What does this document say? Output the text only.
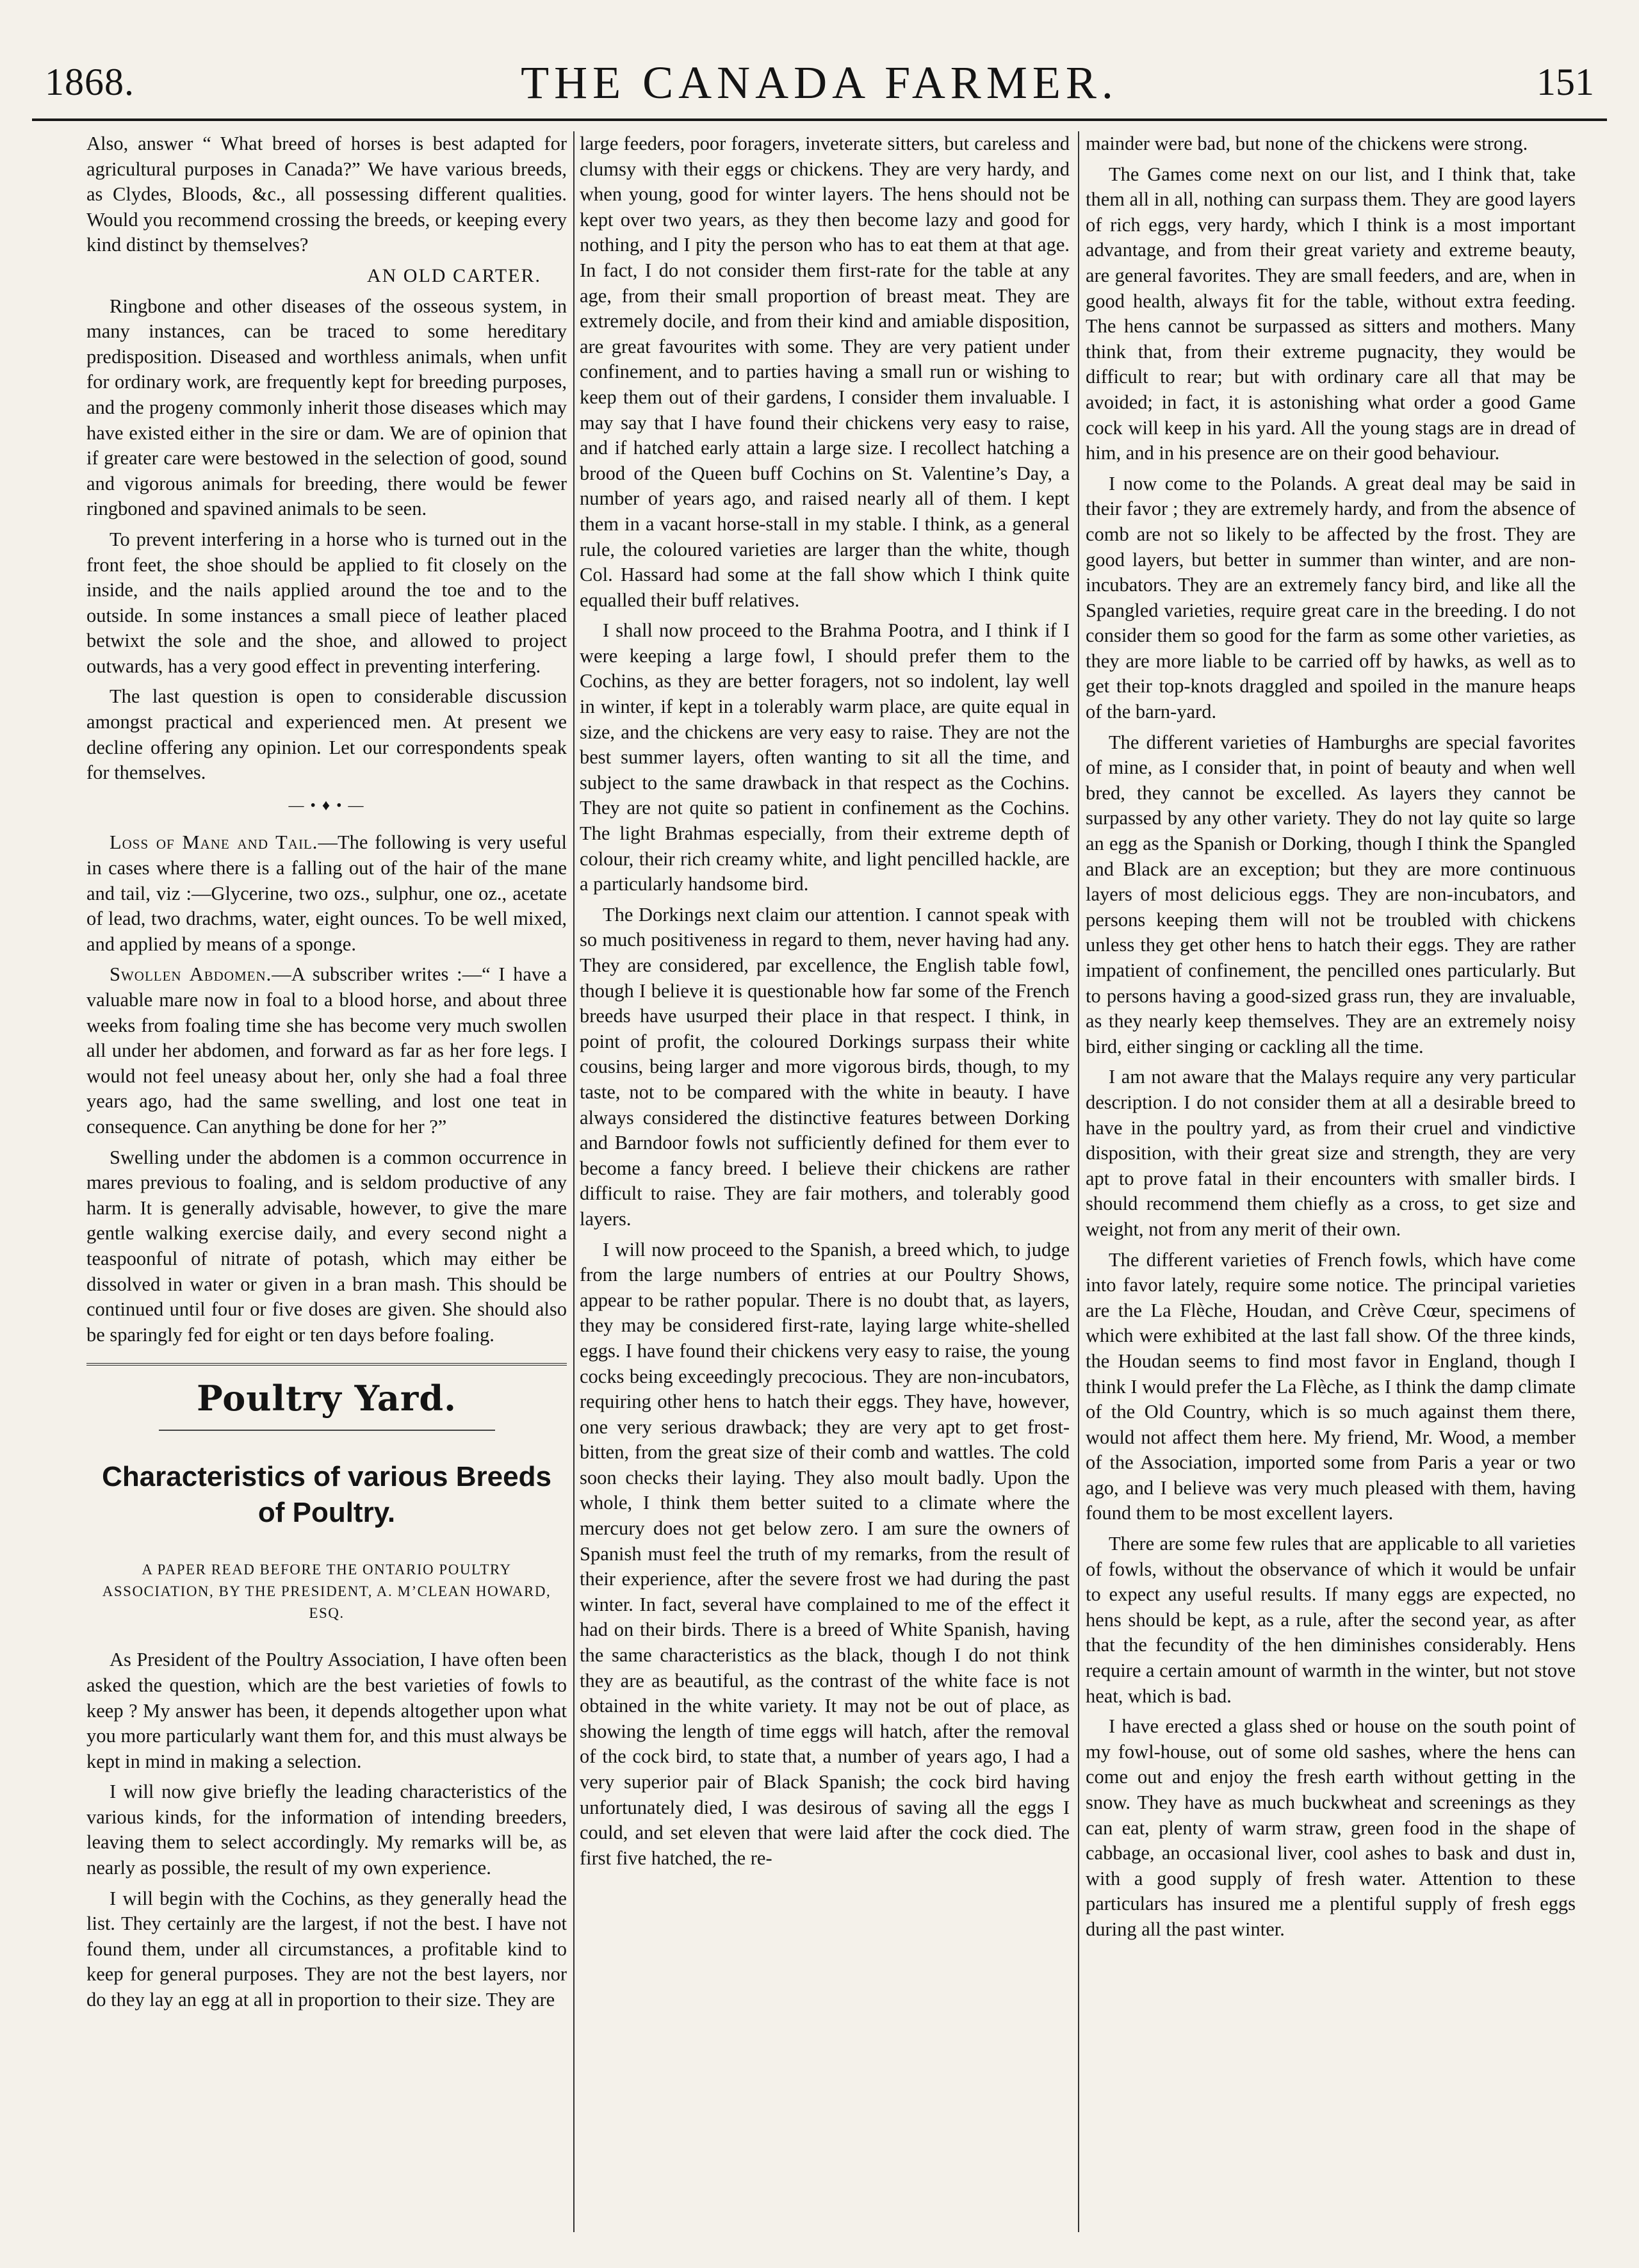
1868.	THE CANADA FARMER.	151

Also, answer “ What breed of horses is best adapted for agricultural purposes in Canada?” We have various breeds, as Clydes, Bloods, &c., all possessing different qualities. Would you recommend crossing the breeds, or keeping every kind distinct by themselves?

AN OLD CARTER.

Ringbone and other diseases of the osseous system, in many instances, can be traced to some hereditary predisposition. Diseased and worthless animals, when unfit for ordinary work, are frequently kept for breeding purposes, and the progeny commonly inherit those diseases which may have existed either in the sire or dam. We are of opinion that if greater care were bestowed in the selection of good, sound and vigorous animals for breeding, there would be fewer ringboned and spavined animals to be seen.

To prevent interfering in a horse who is turned out in the front feet, the shoe should be applied to fit closely on the inside, and the nails applied around the toe and to the outside. In some instances a small piece of leather placed betwixt the sole and the shoe, and allowed to project outwards, has a very good effect in preventing interfering.

The last question is open to considerable discussion amongst practical and experienced men. At present we decline offering any opinion. Let our correspondents speak for themselves.

— • ♦ • —

Loss of Mane and Tail.—The following is very useful in cases where there is a falling out of the hair of the mane and tail, viz :—Glycerine, two ozs., sulphur, one oz., acetate of lead, two drachms, water, eight ounces. To be well mixed, and applied by means of a sponge.

Swollen Abdomen.—A subscriber writes :—“ I have a valuable mare now in foal to a blood horse, and about three weeks from foaling time she has become very much swollen all under her abdomen, and forward as far as her fore legs. I would not feel uneasy about her, only she had a foal three years ago, had the same swelling, and lost one teat in consequence. Can anything be done for her ?”

Swelling under the abdomen is a common occurrence in mares previous to foaling, and is seldom productive of any harm. It is generally advisable, however, to give the mare gentle walking exercise daily, and every second night a teaspoonful of nitrate of potash, which may either be dissolved in water or given in a bran mash. This should be continued until four or five doses are given. She should also be sparingly fed for eight or ten days before foaling.

Poultry Yard.
Characteristics of various Breeds of Poultry.
A PAPER READ BEFORE THE ONTARIO POULTRY ASSOCIATION, BY THE PRESIDENT, A. M’CLEAN HOWARD, ESQ.

As President of the Poultry Association, I have often been asked the question, which are the best varieties of fowls to keep ? My answer has been, it depends altogether upon what you more particularly want them for, and this must always be kept in mind in making a selection.

I will now give briefly the leading characteristics of the various kinds, for the information of intending breeders, leaving them to select accordingly. My remarks will be, as nearly as possible, the result of my own experience.

I will begin with the Cochins, as they generally head the list. They certainly are the largest, if not the best. I have not found them, under all circumstances, a profitable kind to keep for general purposes. They are not the best layers, nor do they lay an egg at all in proportion to their size. They are

large feeders, poor foragers, inveterate sitters, but careless and clumsy with their eggs or chickens. They are very hardy, and when young, good for winter layers. The hens should not be kept over two years, as they then become lazy and good for nothing, and I pity the person who has to eat them at that age. In fact, I do not consider them first-rate for the table at any age, from their small proportion of breast meat. They are extremely docile, and from their kind and amiable disposition, are great favourites with some. They are very patient under confinement, and to parties having a small run or wishing to keep them out of their gardens, I consider them invaluable. I may say that I have found their chickens very easy to raise, and if hatched early attain a large size. I recollect hatching a brood of the Queen buff Cochins on St. Valentine’s Day, a number of years ago, and raised nearly all of them. I kept them in a vacant horse-stall in my stable. I think, as a general rule, the coloured varieties are larger than the white, though Col. Hassard had some at the fall show which I think quite equalled their buff relatives.

I shall now proceed to the Brahma Pootra, and I think if I were keeping a large fowl, I should prefer them to the Cochins, as they are better foragers, not so indolent, lay well in winter, if kept in a tolerably warm place, are quite equal in size, and the chickens are very easy to raise. They are not the best summer layers, often wanting to sit all the time, and subject to the same drawback in that respect as the Cochins. They are not quite so patient in confinement as the Cochins. The light Brahmas especially, from their extreme depth of colour, their rich creamy white, and light pencilled hackle, are a particularly handsome bird.

The Dorkings next claim our attention. I cannot speak with so much positiveness in regard to them, never having had any. They are considered, par excellence, the English table fowl, though I believe it is questionable how far some of the French breeds have usurped their place in that respect. I think, in point of profit, the coloured Dorkings surpass their white cousins, being larger and more vigorous birds, though, to my taste, not to be compared with the white in beauty. I have always considered the distinctive features between Dorking and Barndoor fowls not sufficiently defined for them ever to become a fancy breed. I believe their chickens are rather difficult to raise. They are fair mothers, and tolerably good layers.

I will now proceed to the Spanish, a breed which, to judge from the large numbers of entries at our Poultry Shows, appear to be rather popular. There is no doubt that, as layers, they may be considered first-rate, laying large white-shelled eggs. I have found their chickens very easy to raise, the young cocks being exceedingly precocious. They are non-incubators, requiring other hens to hatch their eggs. They have, however, one very serious drawback; they are very apt to get frost-bitten, from the great size of their comb and wattles. The cold soon checks their laying. They also moult badly. Upon the whole, I think them better suited to a climate where the mercury does not get below zero. I am sure the owners of Spanish must feel the truth of my remarks, from the result of their experience, after the severe frost we had during the past winter. In fact, several have complained to me of the effect it had on their birds. There is a breed of White Spanish, having the same characteristics as the black, though I do not think they are as beautiful, as the contrast of the white face is not obtained in the white variety. It may not be out of place, as showing the length of time eggs will hatch, after the removal of the cock bird, to state that, a number of years ago, I had a very superior pair of Black Spanish; the cock bird having unfortunately died, I was desirous of saving all the eggs I could, and set eleven that were laid after the cock died. The first five hatched, the re-

mainder were bad, but none of the chickens were strong.

The Games come next on our list, and I think that, take them all in all, nothing can surpass them. They are good layers of rich eggs, very hardy, which I think is a most important advantage, and from their great variety and extreme beauty, are general favorites. They are small feeders, and are, when in good health, always fit for the table, without extra feeding. The hens cannot be surpassed as sitters and mothers. Many think that, from their extreme pugnacity, they would be difficult to rear; but with ordinary care all that may be avoided; in fact, it is astonishing what order a good Game cock will keep in his yard. All the young stags are in dread of him, and in his presence are on their good behaviour.

I now come to the Polands. A great deal may be said in their favor ; they are extremely hardy, and from the absence of comb are not so likely to be affected by the frost. They are good layers, but better in summer than winter, and are non-incubators. They are an extremely fancy bird, and like all the Spangled varieties, require great care in the breeding. I do not consider them so good for the farm as some other varieties, as they are more liable to be carried off by hawks, as well as to get their top-knots draggled and spoiled in the manure heaps of the barn-yard.

The different varieties of Hamburghs are special favorites of mine, as I consider that, in point of beauty and when well bred, they cannot be excelled. As layers they cannot be surpassed by any other variety. They do not lay quite so large an egg as the Spanish or Dorking, though I think the Spangled and Black are an exception; but they are more continuous layers of most delicious eggs. They are non-incubators, and persons keeping them will not be troubled with chickens unless they get other hens to hatch their eggs. They are rather impatient of confinement, the pencilled ones particularly. But to persons having a good-sized grass run, they are invaluable, as they nearly keep themselves. They are an extremely noisy bird, either singing or cackling all the time.

I am not aware that the Malays require any very particular description. I do not consider them at all a desirable breed to have in the poultry yard, as from their cruel and vindictive disposition, with their great size and strength, they are very apt to prove fatal in their encounters with smaller birds. I should recommend them chiefly as a cross, to get size and weight, not from any merit of their own.

The different varieties of French fowls, which have come into favor lately, require some notice. The principal varieties are the La Flèche, Houdan, and Crève Cœur, specimens of which were exhibited at the last fall show. Of the three kinds, the Houdan seems to find most favor in England, though I think I would prefer the La Flèche, as I think the damp climate of the Old Country, which is so much against them there, would not affect them here. My friend, Mr. Wood, a member of the Association, imported some from Paris a year or two ago, and I believe was very much pleased with them, having found them to be most excellent layers.

There are some few rules that are applicable to all varieties of fowls, without the observance of which it would be unfair to expect any useful results. If many eggs are expected, no hens should be kept, as a rule, after the second year, as after that the fecundity of the hen diminishes considerably. Hens require a certain amount of warmth in the winter, but not stove heat, which is bad.

I have erected a glass shed or house on the south point of my fowl-house, out of some old sashes, where the hens can come out and enjoy the fresh earth without getting in the snow. They have as much buckwheat and screenings as they can eat, plenty of warm straw, green food in the shape of cabbage, an occasional liver, cool ashes to bask and dust in, with a good supply of fresh water. Attention to these particulars has insured me a plentiful supply of fresh eggs during all the past winter.
